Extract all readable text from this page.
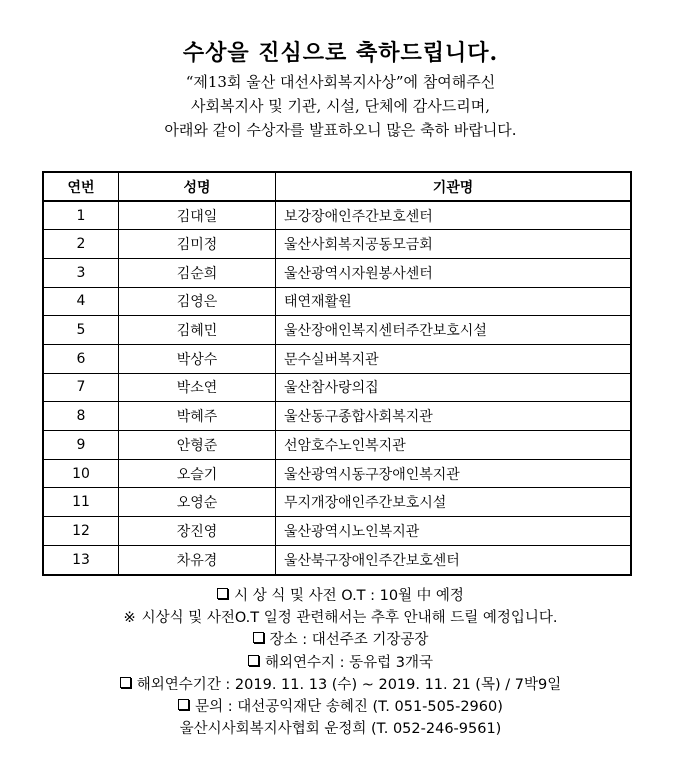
수상을 진심으로 축하드립니다.
“제13회 울산 대선사회복지사상”에 참여해주신
사회복지사 및 기관, 시설, 단체에 감사드리며,
아래와 같이 수상자를 발표하오니 많은 축하 바랍니다.
연번	성명	기관명
1	김대일	보강장애인주간보호센터
2	김미정	울산사회복지공동모금회
3	김순희	울산광역시자원봉사센터
4	김영은	태연재활원
5	김혜민	울산장애인복지센터주간보호시설
6	박상수	문수실버복지관
7	박소연	울산참사랑의집
8	박혜주	울산동구종합사회복지관
9	안형준	선암호수노인복지관
10	오슬기	울산광역시동구장애인복지관
11	오영순	무지개장애인주간보호시설
12	장진영	울산광역시노인복지관
13	차유경	울산북구장애인주간보호센터
시 상 식 및 사전 O.T : 10월 中 예정
※ 시상식 및 사전O.T 일정 관련해서는 추후 안내해 드릴 예정입니다.
장소 : 대선주조 기장공장
해외연수지 : 동유럽 3개국
해외연수기간 : 2019. 11. 13 (수) ~ 2019. 11. 21 (목) / 7박9일
문의 : 대선공익재단 송혜진 (T. 051-505-2960)
울산시사회복지사협회 운정희 (T. 052-246-9561)
